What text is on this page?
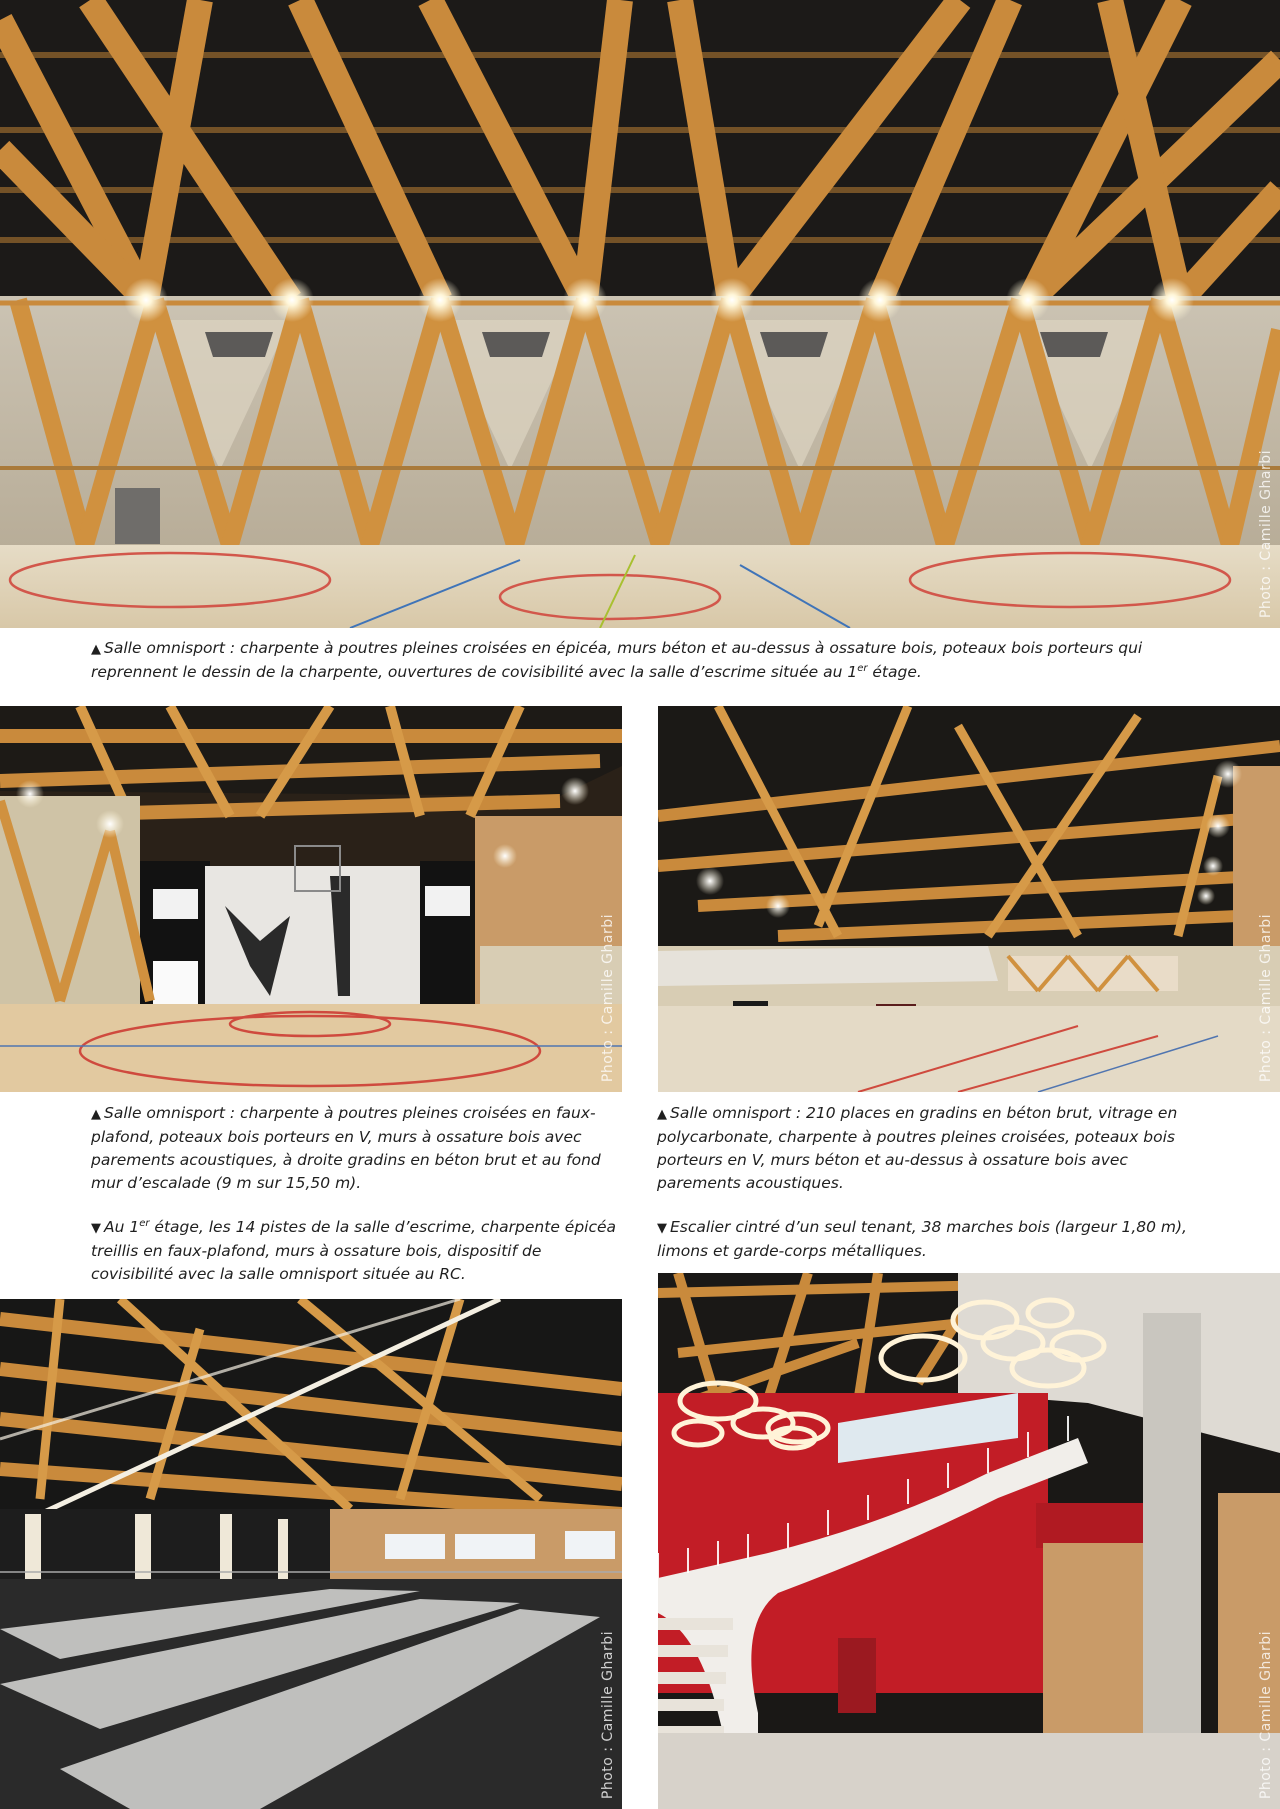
Photo : Camille Gharbi

▲ Salle omnisport : charpente à poutres pleines croisées en épicéa, murs béton et au-dessus à ossature bois, poteaux bois porteurs qui reprennent le dessin de la charpente, ouvertures de covisibilité avec la salle d’escrime située au 1er étage.

Photo : Camille Gharbi	Photo : Camille Gharbi

▲ Salle omnisport : charpente à poutres pleines croisées en faux-plafond, poteaux bois porteurs en V, murs à ossature bois avec parements acoustiques, à droite gradins en béton brut et au fond mur d’escalade (9 m sur 15,50 m).

▼ Au 1er étage, les 14 pistes de la salle d’escrime, charpente épicéa treillis en faux-plafond, murs à ossature bois, dispositif de covisibilité avec la salle omnisport située au RC.

▲ Salle omnisport : 210 places en gradins en béton brut, vitrage en polycarbonate, charpente à poutres pleines croisées, poteaux bois porteurs en V, murs béton et au-dessus à ossature bois avec parements acoustiques.

▼ Escalier cintré d’un seul tenant, 38 marches bois (largeur 1,80 m), limons et garde-corps métalliques.

Photo : Camille Gharbi	Photo : Camille Gharbi
